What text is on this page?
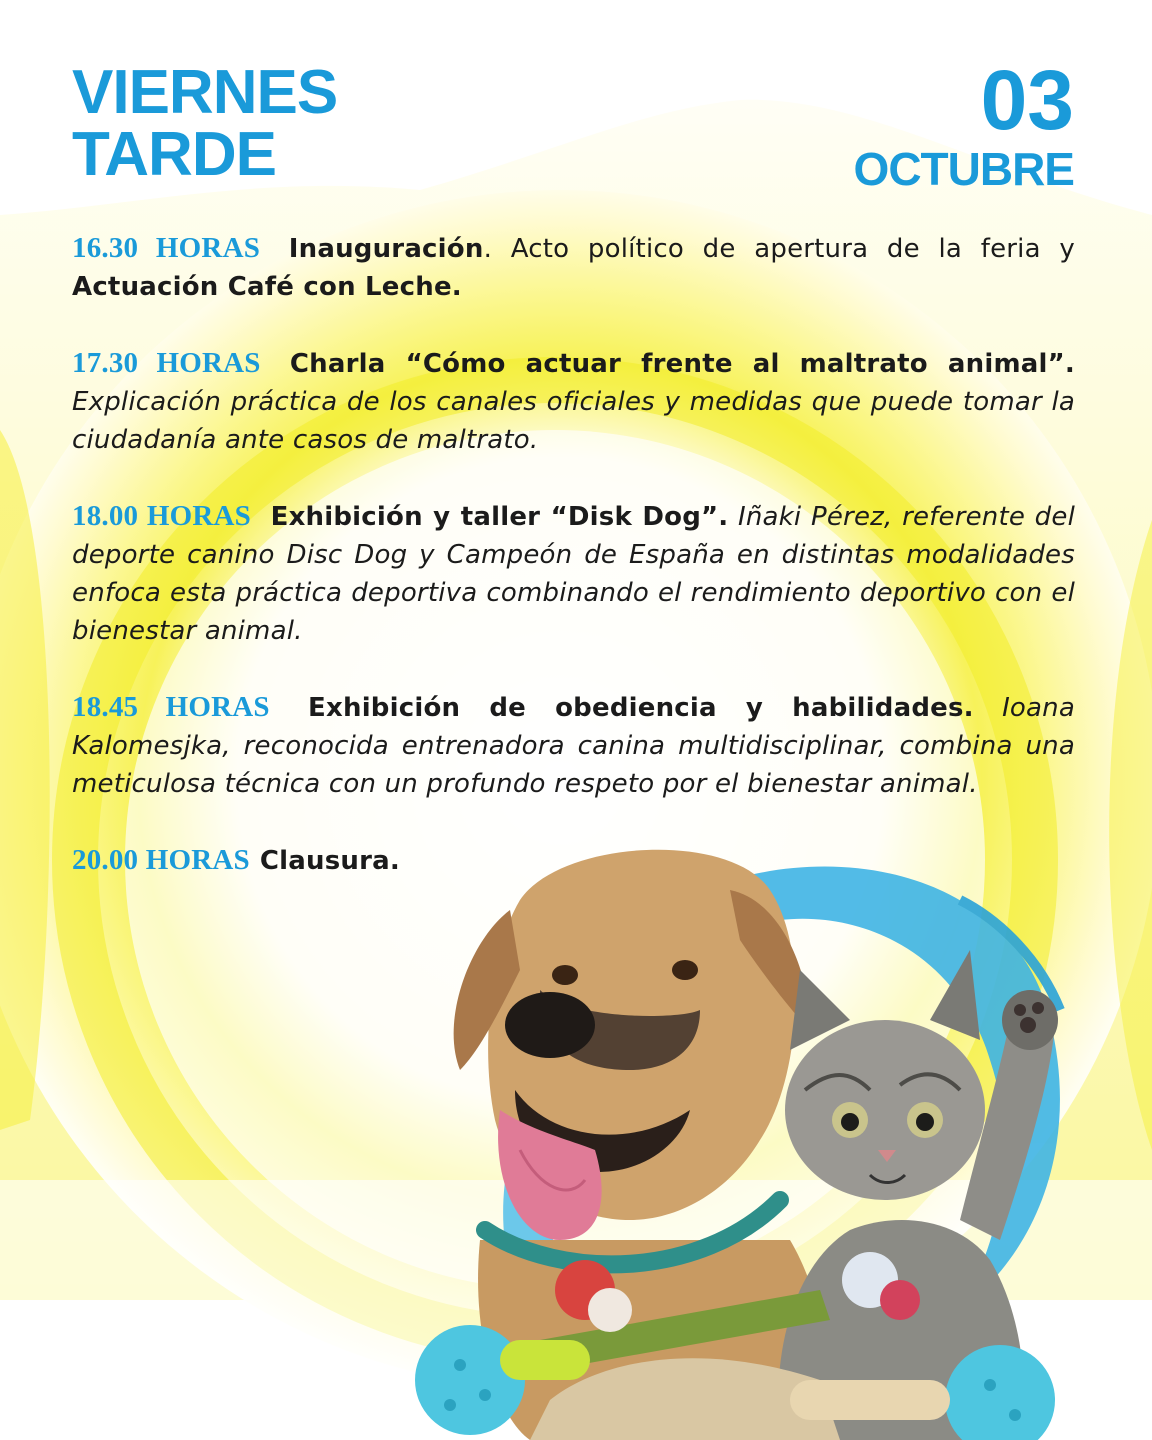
VIERNES
TARDE
03
OCTUBRE

16.30 HORAS Inauguración. Acto político de apertura de la feria y Actuación Café con Leche.

17.30 HORAS Charla “Cómo actuar frente al maltrato animal”. Explicación práctica de los canales oficiales y medidas que puede tomar la ciudadanía ante casos de maltrato.

18.00 HORAS Exhibición y taller “Disk Dog”. Iñaki Pérez, referente del deporte canino Disc Dog y Campeón de España en distintas modalidades enfoca esta práctica deportiva combinando el rendimiento deportivo con el bienestar animal.

18.45 HORAS Exhibición de obediencia y habilidades. Ioana Kalomesjka, reconocida entrenadora canina multidisciplinar, combina una meticulosa técnica con un profundo respeto por el bienestar animal.

20.00 HORAS Clausura.
